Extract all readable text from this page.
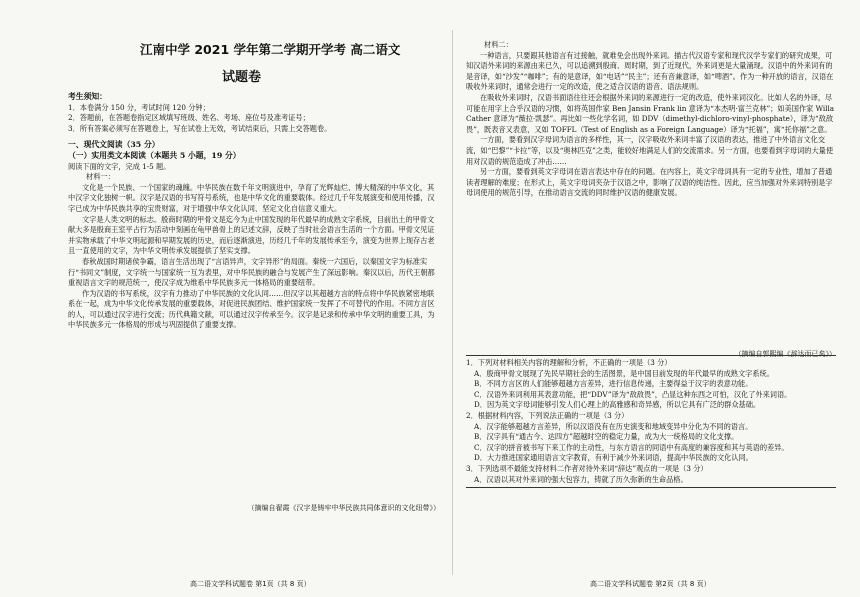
江南中学 2021 学年第二学期开学考 高二语文
试题卷
考生须知：
1．本卷满分 150 分，考试时间 120 分钟；
2．答题前，在答题卷指定区域填写班级、姓名、考场、座位号及准考证号；
3．所有答案必须写在答题卷上，写在试卷上无效，考试结束后，只需上交答题卷。
一、现代文阅读（35 分）
（一）实用类文本阅读（本题共 5 小题，19 分）
阅读下面的文字，完成 1-5 题。
材料一：

文化是一个民族、一个国家的魂魄。中华民族在数千年文明演进中，孕育了光辉灿烂、博大精深的中华文化，其中汉字文化独树一帜。汉字是汉语的书写符号系统，也是中华文化的重要载体。经过几千年发展演变和使用传播，汉字已成为中华民族共享的宝贵财富，对于增强中华文化认同、坚定文化自信意义重大。

文字是人类文明的标志。殷商时期的甲骨文是迄今为止中国发现的年代最早的成熟文字系统，目前出土的甲骨文献大多是殷商王室平占行为活动中刻画在龟甲兽骨上的记述文辞，反映了当时社会语言生活的一个方面。甲骨文见证并实物承载了中华文明起源和早期发展的历史，而后逐渐演进，历经几千年的发展传承至今，演变为世界上现存古老且一直使用的文字，为中华文明传承发展提供了坚实支撑。

春秋战国时期诸侯争霸，语言生活出现了“言语异声，文字异形”的局面。秦统一六国后，以秦国文字为标准实行“书同文”制度，文字统一与国家统一互为表里，对中华民族的融合与发展产生了深远影响。秦汉以后，历代王朝都重视语言文字的规范统一，使汉字成为维系中华民族多元一体格局的重要纽带。

作为汉语的书写系统，汉字有力推动了中华民族的文化认同……但汉字以其超越方言的特点将中华民族紧密地联系在一起，成为中华文化传承发展的重要载体，对促进民族团结、维护国家统一发挥了不可替代的作用。不同方言区的人，可以通过汉字进行交流；历代典籍文献，可以通过汉字传承至今。汉字是记录和传承中华文明的重要工具，为中华民族多元一体格局的形成与巩固提供了重要支撑。

（摘编自翟霞《汉字是铸牢中华民族共同体意识的文化纽带》）
高二语文学科试题卷 第1页（共 8 页）
材料二：

一种语言，只要跟其他语言有过接触，就难免会出现外来词。描古代汉语专家和现代汉学专家们的研究成果，可知汉语外来词的来源由来已久，可以追溯到殷商、周时期，到了近现代，外来词更是大量涌现。汉语中的外来词有的是音译，如“沙发”“咖啡”；有的是意译，如“电话”“民主”；还有音兼意译，如“啤酒”。作为一种开放的语言，汉语在吸收外来词时，通常会进行一定的改造，使之适合汉语的语音、语法规则。

在吸收外来词时，汉语书面语往往还会根据外来词的来源进行一定的改造，使外来词汉化。比如人名的外译，尽可能在用字上合乎汉语的习惯，如将英国作家 Ben Jansin Frank lin 意译为“本杰明·富兰克林”；如美国作家 Willa Cather 意译为“薇拉·凯瑟”。再比如一些化学名词，如 DDV（dimethyl-dichloro-vinyl-phosphate），译为“敌敌畏”，既表音又表意，又如 TOFFL（Test of English as a Foreign Language）译为“托福”，寓“托你福”之意。

一方面，要看到汉字母词为语言的多样性，其一，汉字吸收外来词丰富了汉语的表达，推进了中外语言文化交流，如“巴黎”“卡拉”等，以及“奥林匹克”之类，能较好地满足人们的交流需求。另一方面，也要看到字母词的大量使用对汉语的规范造成了冲击……

另一方面，要看到英文字母词在语言表达中存在的问题。在内容上，英文字母词具有一定的专业性，增加了普通读者理解的难度；在形式上，英文字母词夹杂于汉语之中，影响了汉语的纯洁性。因此，应当加强对外来词特别是字母词使用的规范引导，在推动语言交流的同时维护汉语的健康发展。

（摘编自郭熙编《辞达而已矣》）

1．下列对材料相关内容的理解和分析，不正确的一项是（3 分）

A．殷商甲骨文展现了先民早期社会的生活图景，是中国目前发现的年代最早的成熟文字系统。

B．不同方言区的人们能够超越方言差异，进行信息传递，主要得益于汉字的表意功能。

C．汉语外来词利用其表意功能，把“DDV”译为“敌敌畏”，凸显这种东西之可怕，汉化了外来词语。

D．因为英文字母词能够引发人们心理上的高雅感和奇异感，所以它具有广泛的群众基础。

2．根据材料内容，下列说法正确的一项是（3 分）

A．汉字能够超越方言差异，所以汉语没有在历史演变和地域变异中分化为不同的语言。

B．汉字具有“通古今、达四方”超越时空的稳定力量，成为大一统格局的文化支撑。

C．汉字的拼音被书写下来工作的主动性，与东方语言的同语中有高度的兼容度和其与英语的差异。

D．大力推进国家通用语言文字教育，有利于减少外来词语，提高中华民族的文化认同。

3．下列选项不最能支持材料二作者对待外来词“辞达”观点的一项是（3 分）

A．汉语以其对外来词的强大包容力，铸就了历久弥新的生命品格。

高二语文学科试题卷 第2页（共 8 页）
